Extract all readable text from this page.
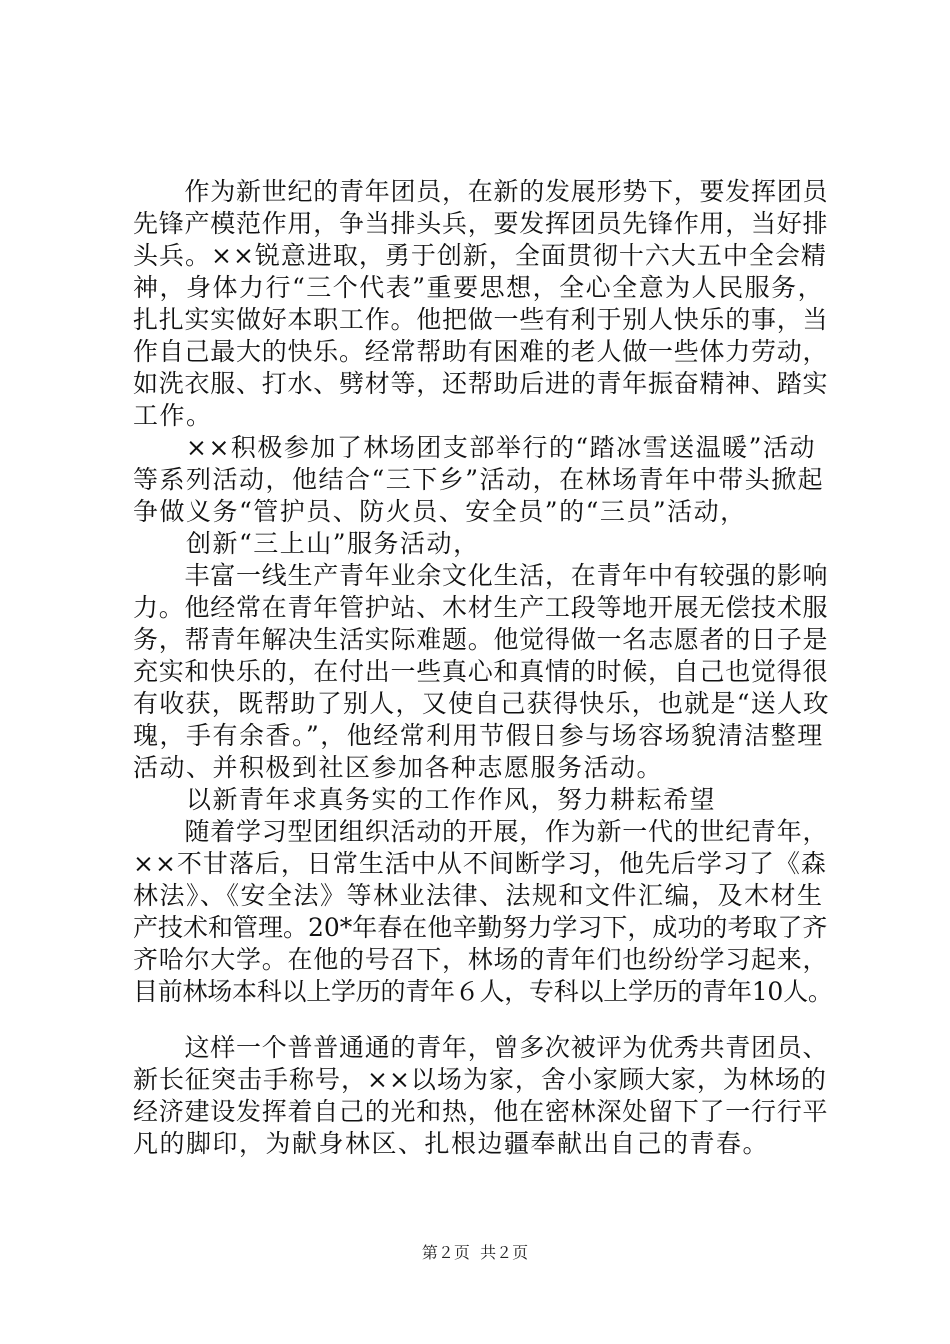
　　作为新世纪的青年团员，在新的发展形势下，要发挥团员
先锋产模范作用，争当排头兵，要发挥团员先锋作用，当好排
头兵。××锐意进取，勇于创新，全面贯彻十六大五中全会精
神，身体力行“三个代表”重要思想，全心全意为人民服务，
扎扎实实做好本职工作。他把做一些有利于别人快乐的事，当
作自己最大的快乐。经常帮助有困难的老人做一些体力劳动，
如洗衣服、打水、劈材等，还帮助后进的青年振奋精神、踏实
工作。
　　××积极参加了林场团支部举行的“踏冰雪送温暖”活动
等系列活动，他结合“三下乡”活动，在林场青年中带头掀起
争做义务“管护员、防火员、安全员”的“三员”活动，
　　创新“三上山”服务活动，
　　丰富一线生产青年业余文化生活，在青年中有较强的影响
力。他经常在青年管护站、木材生产工段等地开展无偿技术服
务，帮青年解决生活实际难题。他觉得做一名志愿者的日子是
充实和快乐的，在付出一些真心和真情的时候，自己也觉得很
有收获，既帮助了别人，又使自己获得快乐，也就是“送人玫
瑰，手有余香。”，他经常利用节假日参与场容场貌清洁整理
活动、并积极到社区参加各种志愿服务活动。
　　以新青年求真务实的工作作风，努力耕耘希望
　　随着学习型团组织活动的开展，作为新一代的世纪青年，
××不甘落后，日常生活中从不间断学习，他先后学习了《森
林法》、《安全法》等林业法律、法规和文件汇编，及木材生
产技术和管理。20*年春在他辛勤努力学习下，成功的考取了齐
齐哈尔大学。在他的号召下，林场的青年们也纷纷学习起来，
目前林场本科以上学历的青年６人，专科以上学历的青年10人。
　　这样一个普普通通的青年，曾多次被评为优秀共青团员、
新长征突击手称号，××以场为家，舍小家顾大家，为林场的
经济建设发挥着自己的光和热，他在密林深处留下了一行行平
凡的脚印，为献身林区、扎根边疆奉献出自己的青春。
第２页  共２页
